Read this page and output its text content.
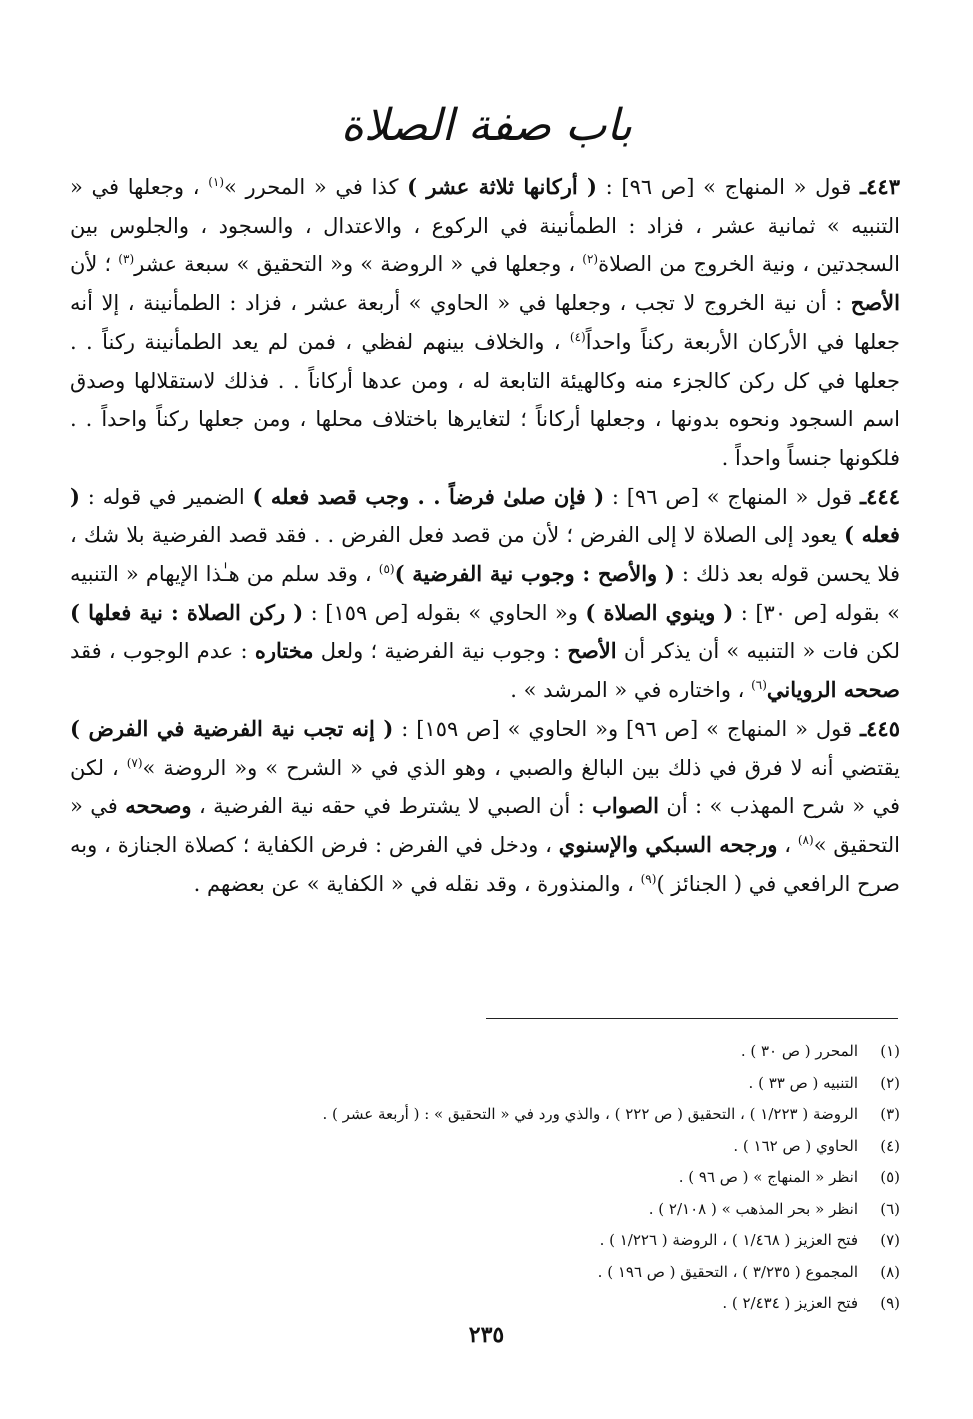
باب صفة الصلاة

٤٤٣ـ قول « المنهاج » [ص ٩٦] : ( أركانها ثلاثة عشر ) كذا في « المحرر »$^{(١)}$ ، وجعلها في « التنبيه » ثمانية عشر ، فزاد : الطمأنينة في الركوع ، والاعتدال ، والسجود ، والجلوس بين السجدتين ، ونية الخروج من الصلاة$^{(٢)}$ ، وجعلها في « الروضة » و« التحقيق » سبعة عشر$^{(٣)}$ ؛ لأن الأصح : أن نية الخروج لا تجب ، وجعلها في « الحاوي » أربعة عشر ، فزاد : الطمأنينة ، إلا أنه جعلها في الأركان الأربعة ركناً واحداً$^{(٤)}$ ، والخلاف بينهم لفظي ، فمن لم يعد الطمأنينة ركناً . . جعلها في كل ركن كالجزء منه وكالهيئة التابعة له ، ومن عدها أركاناً . . فذلك لاستقلالها وصدق اسم السجود ونحوه بدونها ، وجعلها أركاناً ؛ لتغايرها باختلاف محلها ، ومن جعلها ركناً واحداً . . فلكونها جنساً واحداً .

٤٤٤ـ قول « المنهاج » [ص ٩٦] : ( فإن صلىٰ فرضاً . . وجب قصد فعله ) الضمير في قوله : ( فعله ) يعود إلى الصلاة لا إلى الفرض ؛ لأن من قصد فعل الفرض . . فقد قصد الفرضية بلا شك ، فلا يحسن قوله بعد ذلك : ( والأصح : وجوب نية الفرضية )$^{(٥)}$ ، وقد سلم من هـٰذا الإيهام « التنبيه » بقوله [ص ٣٠] : ( وينوي الصلاة ) و« الحاوي » بقوله [ص ١٥٩] : ( ركن الصلاة : نية فعلها ) لكن فات « التنبيه » أن يذكر أن الأصح : وجوب نية الفرضية ؛ ولعل مختاره : عدم الوجوب ، فقد صححه الروياني$^{(٦)}$ ، واختاره في « المرشد » .

٤٤٥ـ قول « المنهاج » [ص ٩٦] و« الحاوي » [ص ١٥٩] : ( إنه تجب نية الفرضية في الفرض ) يقتضي أنه لا فرق في ذلك بين البالغ والصبي ، وهو الذي في « الشرح » و« الروضة »$^{(٧)}$ ، لكن في « شرح المهذب » : أن الصواب : أن الصبي لا يشترط في حقه نية الفرضية ، وصححه في « التحقيق »$^{(٨)}$ ، ورجحه السبكي والإسنوي ، ودخل في الفرض : فرض الكفاية ؛ كصلاة الجنازة ، وبه صرح الرافعي في ( الجنائز )$^{(٩)}$ ، والمنذورة ، وقد نقله في « الكفاية » عن بعضهم .

(١)المحرر ( ص ٣٠ ) .
(٢)التنبيه ( ص ٣٣ ) .
(٣)الروضة ( ١/٢٢٣ ) ، التحقيق ( ص ٢٢٢ ) ، والذي ورد في « التحقيق » : ( أربعة عشر ) .
(٤)الحاوي ( ص ١٦٢ ) .
(٥)انظر « المنهاج » ( ص ٩٦ ) .
(٦)انظر « بحر المذهب » ( ٢/١٠٨ ) .
(٧)فتح العزيز ( ١/٤٦٨ ) ، الروضة ( ١/٢٢٦ ) .
(٨)المجموع ( ٣/٢٣٥ ) ، التحقيق ( ص ١٩٦ ) .
(٩)فتح العزيز ( ٢/٤٣٤ ) .
٢٣٥
